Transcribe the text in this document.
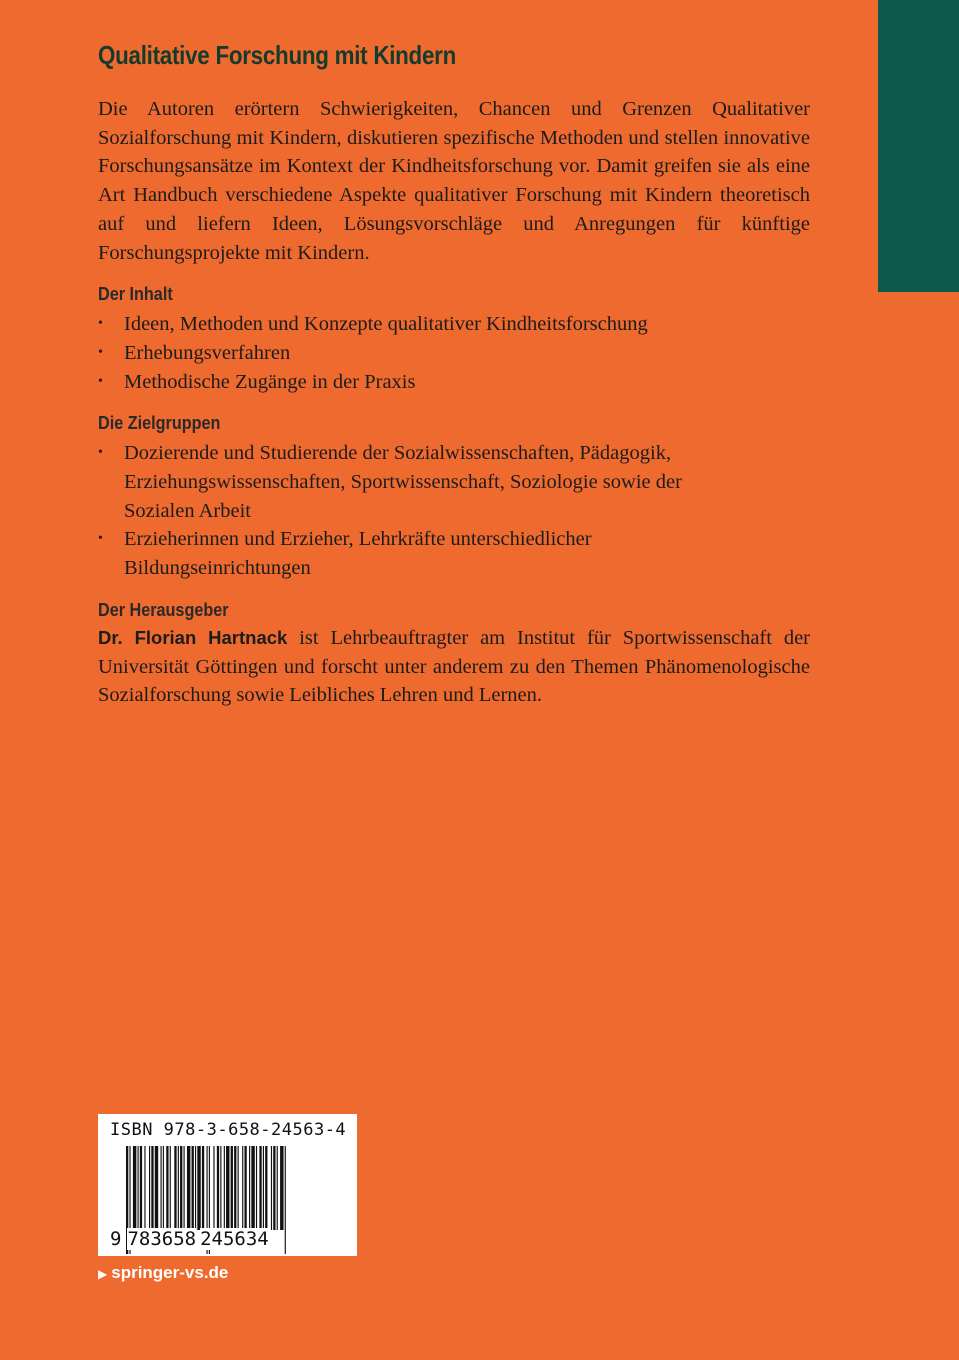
Qualitative Forschung mit Kindern

Die Autoren erörtern Schwierigkeiten, Chancen und Grenzen Qualitativer Sozialforschung mit Kindern, diskutieren spezifische Methoden und stellen innovative Forschungsansätze im Kontext der Kindheitsforschung vor. Damit greifen sie als eine Art Handbuch verschiedene Aspekte qualitativer Forschung mit Kindern theoretisch auf und liefern Ideen, Lösungsvorschläge und Anregungen für künftige Forschungsprojekte mit Kindern.

Der Inhalt
• Ideen, Methoden und Konzepte qualitativer Kindheitsforschung
• Erhebungsverfahren
• Methodische Zugänge in der Praxis
Die Zielgruppen
• Dozierende und Studierende der Sozialwissenschaften, Pädagogik, Erziehungswissenschaften, Sportwissenschaft, Soziologie sowie der Sozialen Arbeit
• Erzieherinnen und Erzieher, Lehrkräfte unterschiedlicher Bildungseinrichtungen
Der Herausgeber

Dr. Florian Hartnack ist Lehrbeauftragter am Institut für Sportwissenschaft der Universität Göttingen und forscht unter anderem zu den Themen Phänomenologische Sozialforschung sowie Leibliches Lehren und Lernen.

ISBN 978-3-658-24563-4
9 783658 245634
▶ springer-vs.de
